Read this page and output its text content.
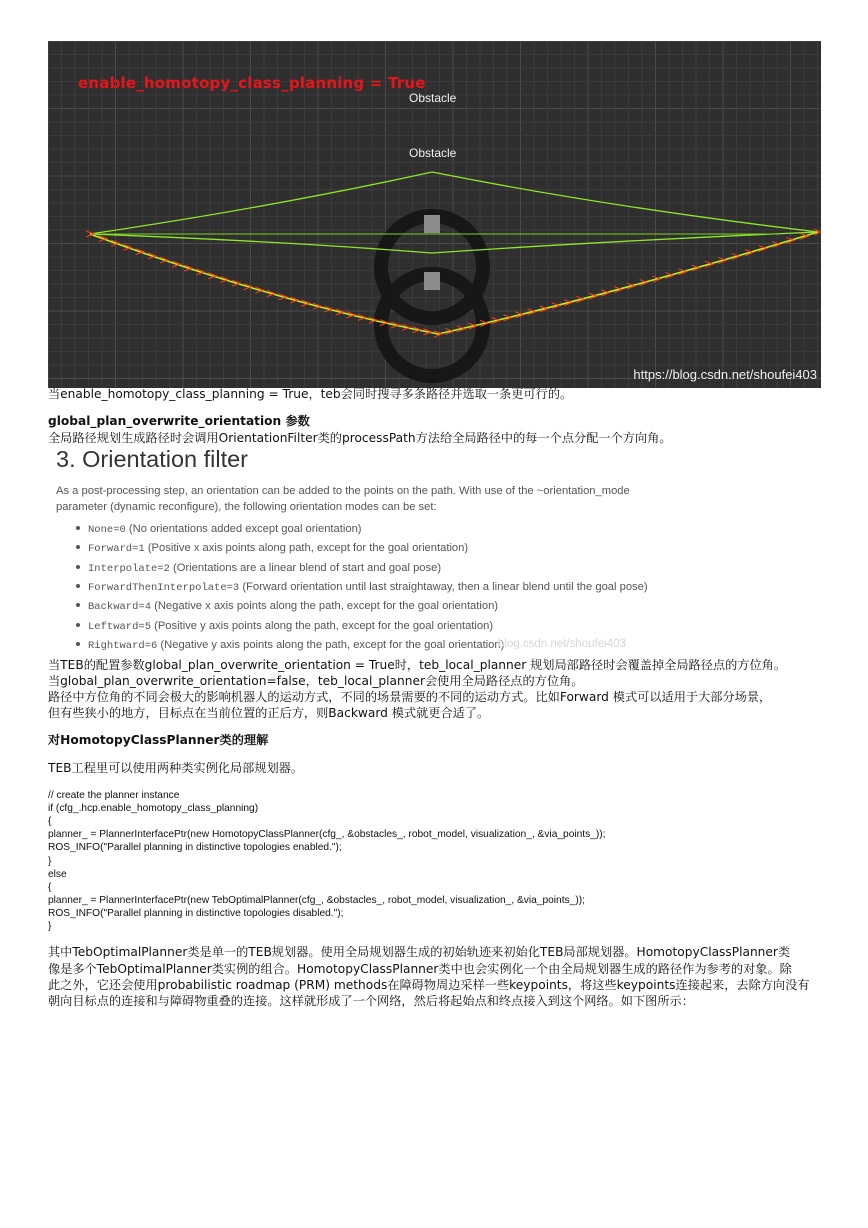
enable_homotopy_class_planning = True
Obstacle
Obstacle
https://blog.csdn.net/shoufei403
当enable_homotopy_class_planning = True，teb会同时搜寻多条路径并选取一条更可行的。
global_plan_overwrite_orientation 参数
全局路径规划生成路径时会调用OrientationFilter类的processPath方法给全局路径中的每一个点分配一个方向角。
3. Orientation filter
As a post-processing step, an orientation can be added to the points on the path. With use of the ~orientation_mode
parameter (dynamic reconfigure), the following orientation modes can be set:
None=0 (No orientations added except goal orientation)
Forward=1 (Positive x axis points along path, except for the goal orientation)
Interpolate=2 (Orientations are a linear blend of start and goal pose)
ForwardThenInterpolate=3 (Forward orientation until last straightaway, then a linear blend until the goal pose)
Backward=4 (Negative x axis points along the path, except for the goal orientation)
Leftward=5 (Positive y axis points along the path, except for the goal orientation)
Rightward=6 (Negative y axis points along the path, except for the goal orientation)
blog.csdn.net/shoufei403
当TEB的配置参数global_plan_overwrite_orientation = True时，teb_local_planner 规划局部路径时会覆盖掉全局路径点的方位角。
当global_plan_overwrite_orientation=false，teb_local_planner会使用全局路径点的方位角。
路径中方位角的不同会极大的影响机器人的运动方式，不同的场景需要的不同的运动方式。比如Forward 模式可以适用于大部分场景，
但有些狭小的地方，目标点在当前位置的正后方，则Backward 模式就更合适了。
对HomotopyClassPlanner类的理解
TEB工程里可以使用两种类实例化局部规划器。
// create the planner instance
if (cfg_.hcp.enable_homotopy_class_planning)
{
planner_ = PlannerInterfacePtr(new HomotopyClassPlanner(cfg_, &obstacles_, robot_model, visualization_, &via_points_));
ROS_INFO("Parallel planning in distinctive topologies enabled.");
}
else
{
planner_ = PlannerInterfacePtr(new TebOptimalPlanner(cfg_, &obstacles_, robot_model, visualization_, &via_points_));
ROS_INFO("Parallel planning in distinctive topologies disabled.");
}
其中TebOptimalPlanner类是单一的TEB规划器。使用全局规划器生成的初始轨迹来初始化TEB局部规划器。HomotopyClassPlanner类
像是多个TebOptimalPlanner类实例的组合。HomotopyClassPlanner类中也会实例化一个由全局规划器生成的路径作为参考的对象。除
此之外，它还会使用probabilistic roadmap (PRM) methods在障碍物周边采样一些keypoints，将这些keypoints连接起来，去除方向没有
朝向目标点的连接和与障碍物重叠的连接。这样就形成了一个网络，然后将起始点和终点接入到这个网络。如下图所示：
